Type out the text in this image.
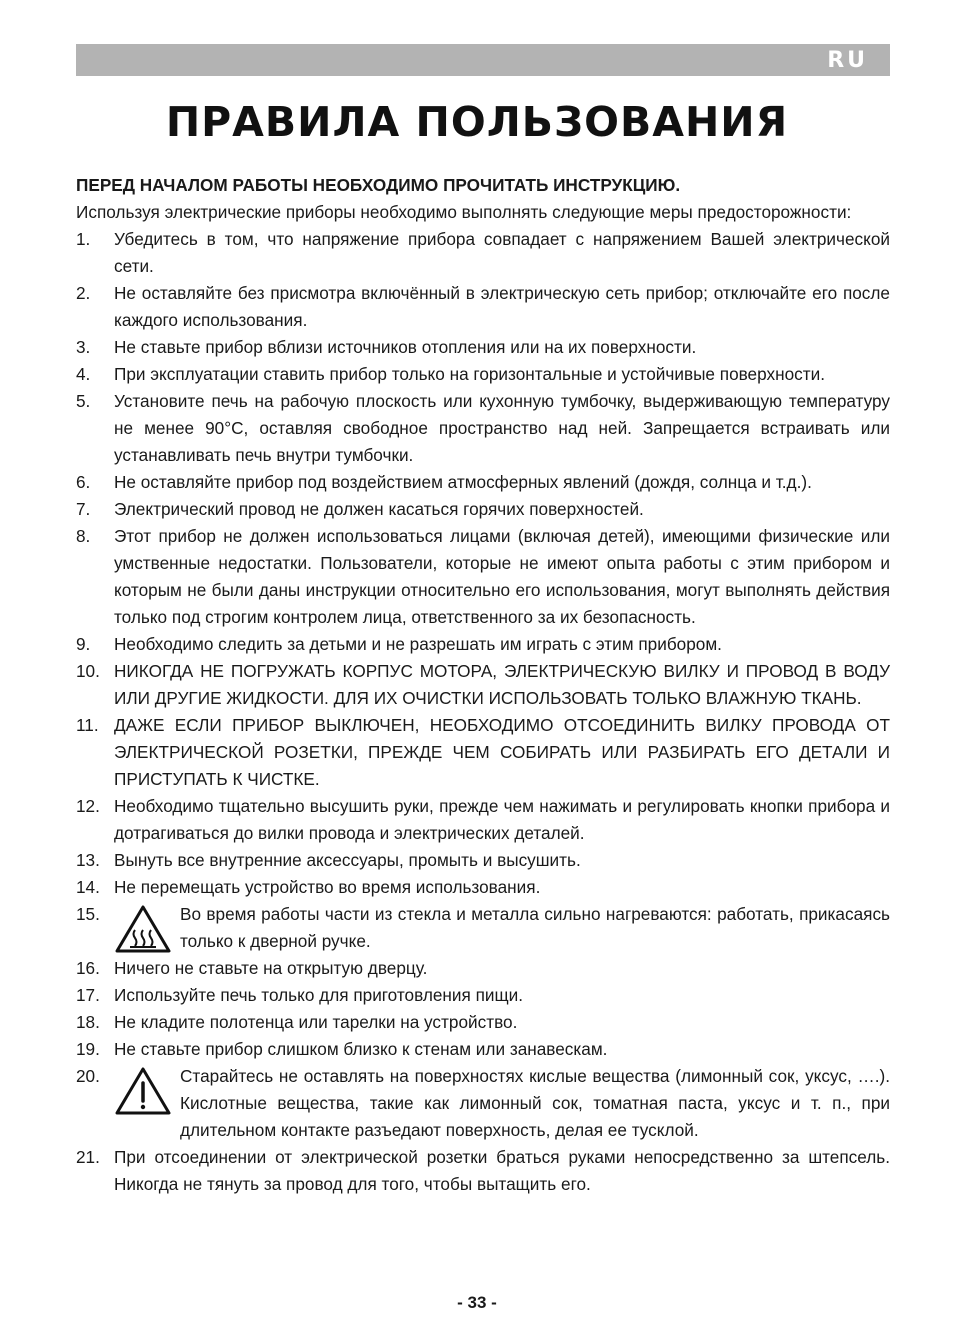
RU
ПРАВИЛА ПОЛЬЗОВАНИЯ

ПЕРЕД НАЧАЛОМ РАБОТЫ НЕОБХОДИМО ПРОЧИТАТЬ ИНСТРУКЦИЮ.

Используя электрические приборы необходимо выполнять следующие меры предосторожности:

1. Убедитесь в том, что напряжение прибора совпадает с напряжением Вашей электрической сети.
2. Не оставляйте без присмотра включённый в электрическую сеть прибор; отключайте его после каждого использования.
3. Не ставьте прибор вблизи источников отопления или на их поверхности.
4. При эксплуатации ставить прибор только на горизонтальные и устойчивые поверхности.
5. Установите печь на рабочую плоскость или кухонную тумбочку, выдерживающую температуру не менее 90°С, оставляя свободное пространство над ней. Запрещается встраивать или устанавливать печь внутри тумбочки.
6. Не оставляйте прибор под воздействием атмосферных явлений (дождя, солнца и т.д.).
7. Электрический провод не должен касаться горячих поверхностей.
8. Этот прибор не должен использоваться лицами (включая детей), имеющими физические или умственные недостатки. Пользователи, которые не имеют опыта работы с этим прибором и которым не были даны инструкции относительно его использования, могут выполнять действия только под строгим контролем лица, ответственного за их безопасность.
9. Необходимо следить за детьми и не разрешать им играть с этим прибором.
10. НИКОГДА НЕ ПОГРУЖАТЬ КОРПУС МОТОРА, ЭЛЕКТРИЧЕСКУЮ ВИЛКУ И ПРОВОД В ВОДУ ИЛИ ДРУГИЕ ЖИДКОСТИ. ДЛЯ ИХ ОЧИСТКИ ИСПОЛЬЗОВАТЬ ТОЛЬКО ВЛАЖНУЮ ТКАНЬ.
11. ДАЖЕ ЕСЛИ ПРИБОР ВЫКЛЮЧЕН, НЕОБХОДИМО ОТСОЕДИНИТЬ ВИЛКУ ПРОВОДА ОТ ЭЛЕКТРИЧЕСКОЙ РОЗЕТКИ, ПРЕЖДЕ ЧЕМ СОБИРАТЬ ИЛИ РАЗБИРАТЬ ЕГО ДЕТАЛИ И ПРИСТУПАТЬ К ЧИСТКЕ.
12. Необходимо тщательно высушить руки, прежде чем нажимать и регулировать кнопки прибора и дотрагиваться до вилки провода и электрических деталей.
13. Вынуть все внутренние аксессуары, промыть и высушить.
14. Не перемещать устройство во время использования.
15.	Во время работы части из стекла и металла сильно нагреваются: работать, прикасаясь только к дверной ручке.
16. Ничего не ставьте на открытую дверцу.
17. Используйте печь только для приготовления пищи.
18. Не кладите полотенца или тарелки на устройство.
19. Не ставьте прибор слишком близко к стенам или занавескам.
20.	Старайтесь не оставлять на поверхностях кислые вещества (лимонный сок, уксус, ….). Кислотные вещества, такие как лимонный сок, томатная паста, уксус и т. п., при длительном контакте разъедают поверхность, делая ее тусклой.
21. При отсоединении от электрической розетки браться руками непосредственно за штепсель. Никогда не тянуть за провод для того, чтобы вытащить его.
- 33 -
